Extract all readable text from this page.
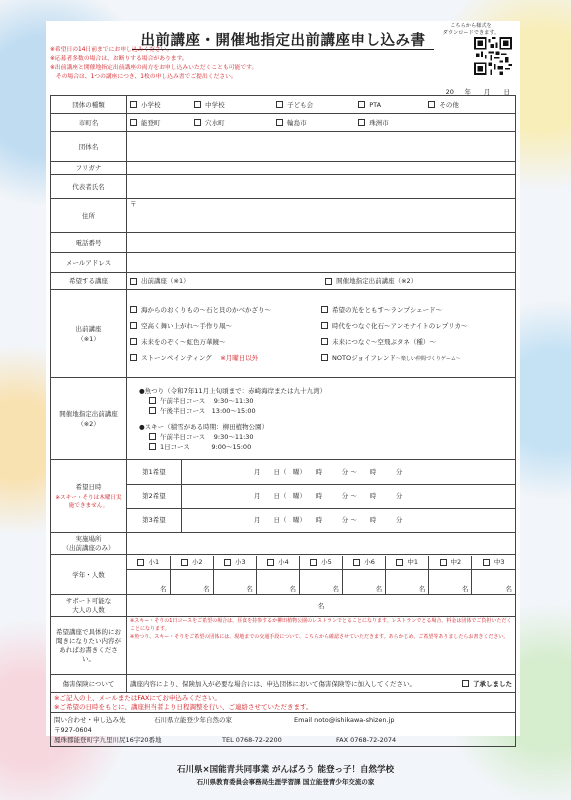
出前講座・開催地指定出前講座申し込み書
こちらから様式を
ダウンロードできます。
※希望日の14日前までにお申し込みください。
※応募者多数の場合は、お断りする場合があります。
※出前講座と開催地指定出前講座の両方をお申し込みいただくことも可能です。
　その場合は、1つの講座につき、1枚の申し込み書でご提出ください。
20　 年　　月　　日
団体の種類	小学校	中学校	子ども会	PTA	その他
市町名	能登町	穴水町	輪島市	珠洲市
団体名	
フリガナ	
代表者氏名	
住所	〒
電話番号	
メールアドレス	
希望する講座	出前講座（※1）	開催地指定出前講座（※2）

出前講座
（※1）

海からのおくりもの～石と貝のかべかざり～	希望の光をともす～ランプシェード～
空高く舞い上がれ～手作り凧～	時代をつなぐ化石～アンモナイトのレプリカ～
未来をのぞく～虹色万華鏡～	未来につなぐ～空飛ぶタネ（種）～
ストーンペインティング　 ※月曜日以外	NOTOジョイフレンド～楽しい仲間づくりゲーム～

開催地指定出前講座
（※2）

●魚つり（令和7年11月上旬頃まで：赤崎海岸または九十九湾）
午前半日コース　 9:30～11:30
午後半日コース　13:00～15:00
●スキー（積雪がある時期：柳田植物公園）
午前半日コース　 9:30～11:30
1日コース　　　 9:00～15:00

希望日時
※スキー・そりは木曜日実施できません。

第1希望	月　　日（　曜）　　時　　　分 ～　　時　　　分
第2希望	月　　日（　曜）　　時　　　分 ～　　時　　　分
第3希望	月　　日（　曜）　　時　　　分 ～　　時　　　分

実施場所
（出前講座のみ）

学年・人数	
小1	小2	小3	小4	小5	小6	中1	中2	中3
名	名	名	名	名	名	名	名	名

サポート可能な
大人の人数	名
希望講座で具体的にお聞きになりたい内容があればお書きください。	
※スキー・そりの1日コースをご希望の場合は、昼食を持参するか柳田植物公園のレストランでとることになります。レストランでとる場合、料金は団体でご負担いただくことになります。
※魚つり、スキー・そりをご希望の団体には、現地までの交通手段について、こちらから確認させていただきます。あらかじめ、ご希望等ありましたらお書きください。

傷害保険について	講座内容により、保険加入が必要な場合には、申込団体において傷害保険等に加入してください。	了承しました

※ご記入の上、メールまたはFAXにてお申込みください。
※ご希望の日時をもとに、講座担当者より日程調整を行い、ご連絡させていただきます。

問い合わせ・申し込み先	石川県立能登少年自然の家	Email noto@ishikawa-shizen.jp
〒927-0604
鳳珠郡能登町字九里川尻16字20番地	TEL 0768-72-2200	FAX 0768-72-2074
石川県×国能青共同事業 がんばろう 能登っ子！自然学校
石川県教育委員会事務局生涯学習課 国立能登青少年交流の家
